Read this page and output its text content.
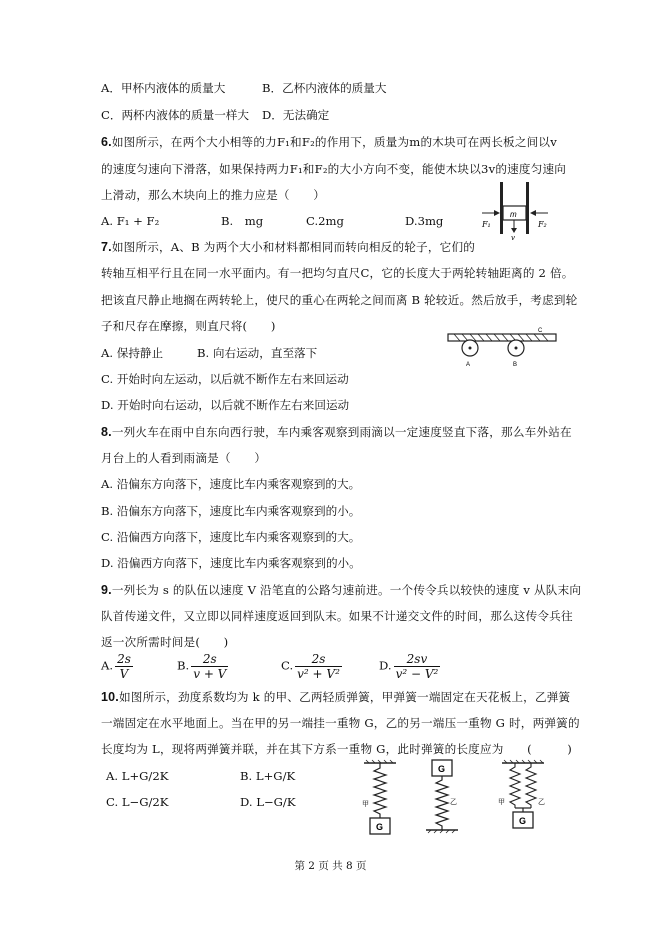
A．甲杯内液体的质量大	B．乙杯内液体的质量大
C．两杯内液体的质量一样大 D．无法确定
6.如图所示，在两个大小相等的力F₁和F₂的作用下，质量为m的木块可在两长板之间以v
的速度匀速向下滑落，如果保持两力F₁和F₂的大小方向不变，能使木块以3v的速度匀速向
上滑动，那么木块向上的推力应是（　　）
A. F₁ + F₂	B.　mg	C.2mg	D.3mg	m
F₁	F₂
v
7.如图所示，A、B 为两个大小和材料都相同而转向相反的轮子，它们的
转轴互相平行且在同一水平面内。有一把均匀直尺C，它的长度大于两轮转轴距离的 2 倍。
把该直尺静止地搁在两转轮上，使尺的重心在两轮之间而离 B 轮较近。然后放手，考虑到轮
子和尺存在摩擦，则直尺将(　　)
A. 保持静止	B. 向右运动，直至落下
C. 开始时向左运动，以后就不断作左右来回运动
D. 开始时向右运动，以后就不断作左右来回运动
C
A	B
8.一列火车在雨中自东向西行驶，车内乘客观察到雨滴以一定速度竖直下落，那么车外站在
月台上的人看到雨滴是（　　）
A. 沿偏东方向落下，速度比车内乘客观察到的大。
B. 沿偏东方向落下，速度比车内乘客观察到的小。
C. 沿偏西方向落下，速度比车内乘客观察到的大。
D. 沿偏西方向落下，速度比车内乘客观察到的小。
9.一列长为 s 的队伍以速度 V 沿笔直的公路匀速前进。一个传令兵以较快的速度 v 从队末向
队首传递文件，又立即以同样速度返回到队末。如果不计递交文件的时间，那么这传令兵往
返一次所需时间是(　　)
A. $\frac{2s}{V}$	B. $\frac{2s}{v + V}$	C. $\frac{2s}{\text{v² + V²}}$	D. $\frac{2sv}{\text{v² − V²}}$
10.如图所示，劲度系数均为 k 的甲、乙两轻质弹簧，甲弹簧一端固定在天花板上，乙弹簧
一端固定在水平地面上。当在甲的另一端挂一重物 G，乙的另一端压一重物 G 时，两弹簧的
长度均为 L，现将两弹簧并联，并在其下方系一重物 G，此时弹簧的长度应为　　(　　　)
A. L+G/2K	B. L+G/K
C. L−G/2K	D. L−G/K	甲
G
G
乙	甲	乙
G
第 2 页 共 8 页
